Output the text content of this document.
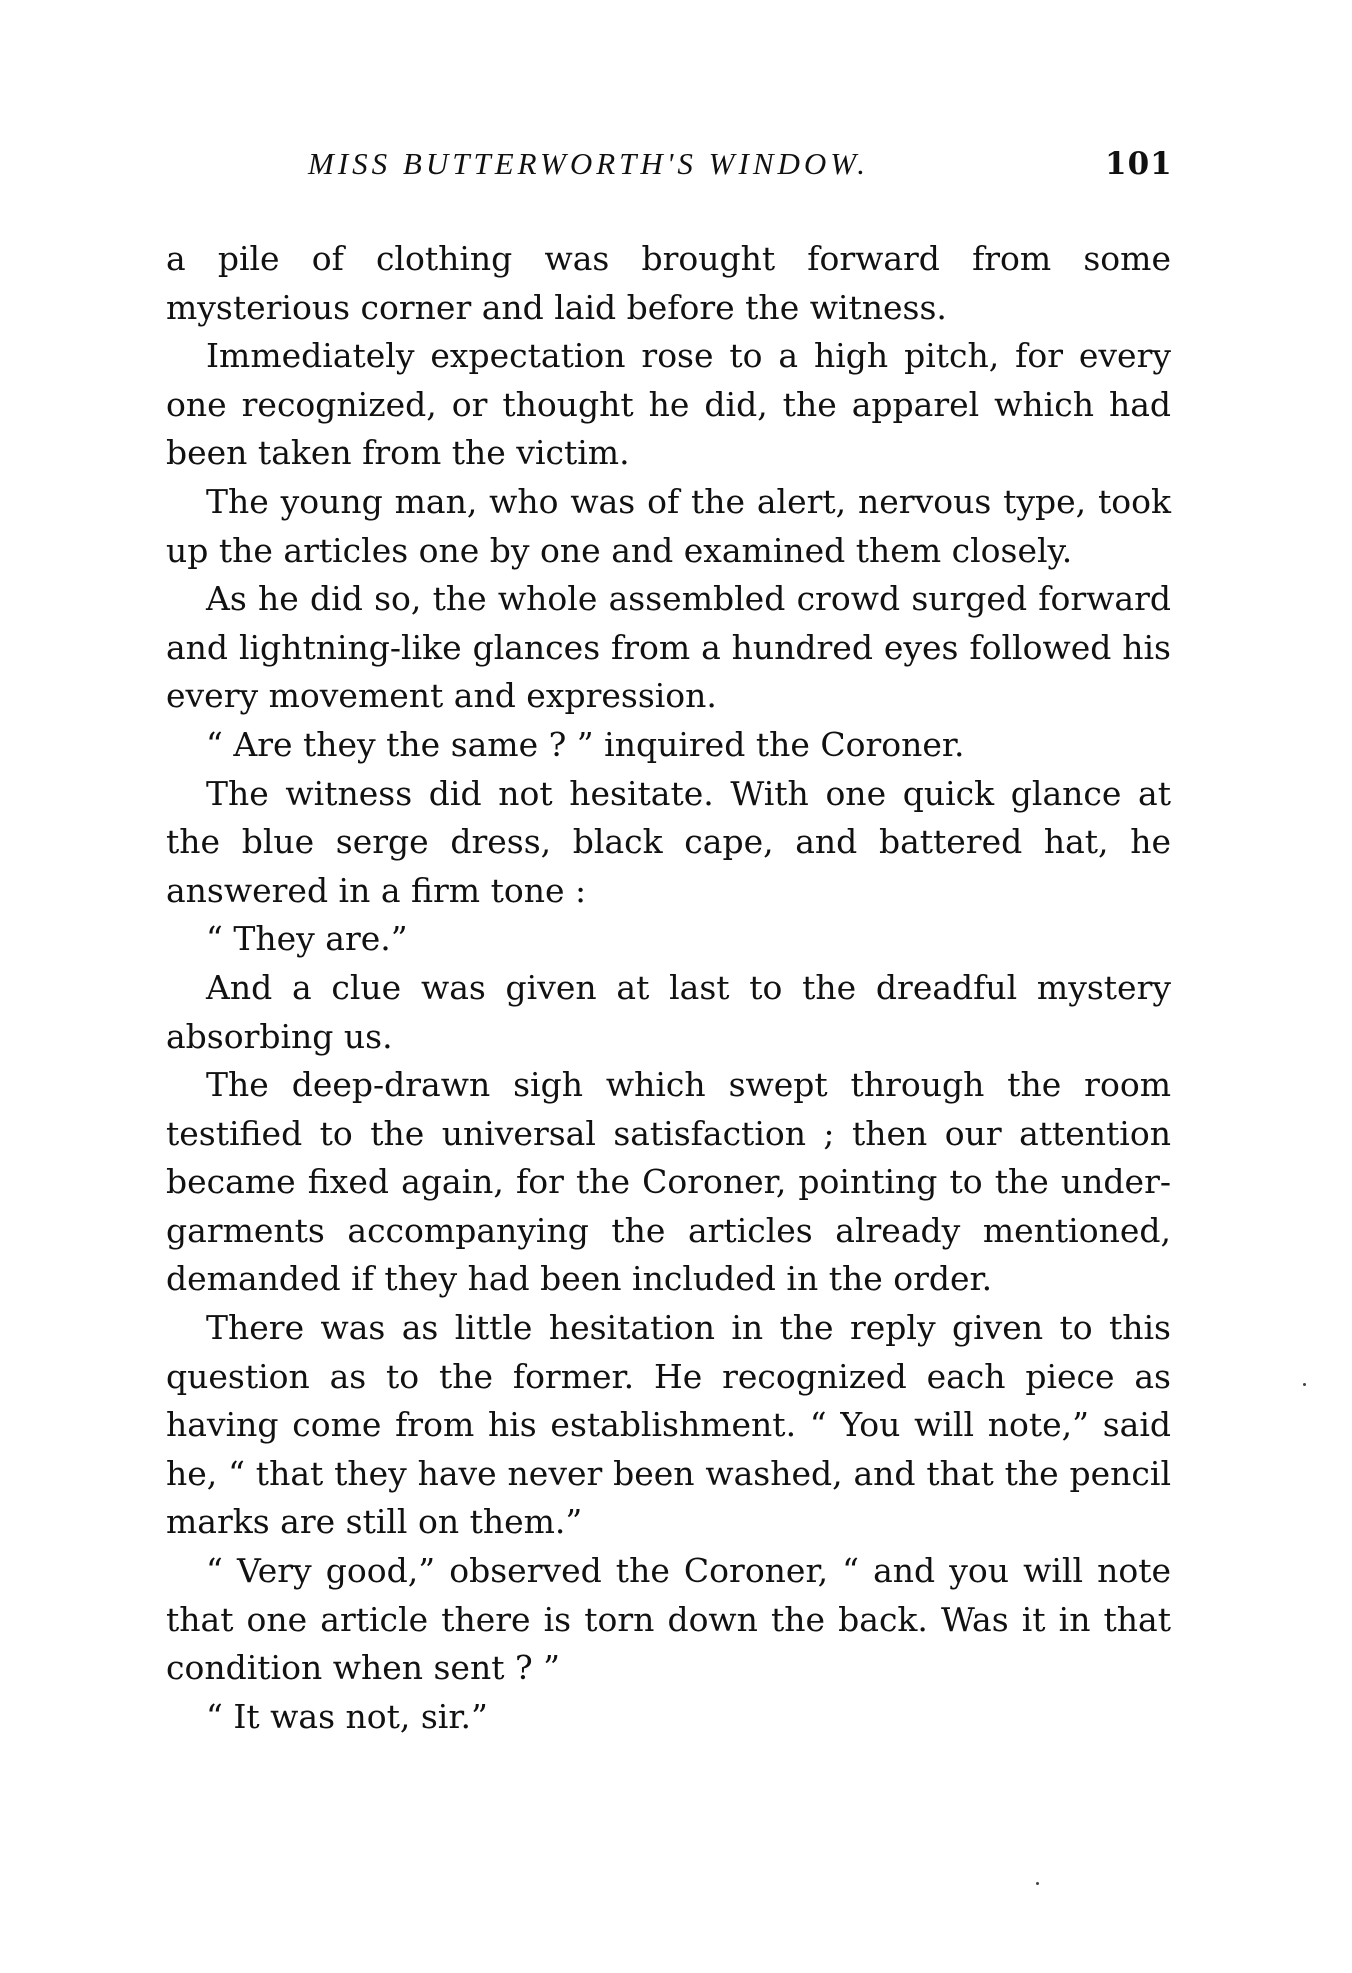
MISS BUTTERWORTH'S WINDOW.	101

a pile of clothing was brought forward from some mysterious corner and laid before the witness.

Immediately expectation rose to a high pitch, for every one recognized, or thought he did, the apparel which had been taken from the victim.

The young man, who was of the alert, nervous type, took up the articles one by one and examined them closely.

As he did so, the whole assembled crowd surged forward and lightning-like glances from a hundred eyes followed his every movement and expression.

“ Are they the same ? ” inquired the Coroner.

The witness did not hesitate. With one quick glance at the blue serge dress, black cape, and battered hat, he answered in a firm tone :

“ They are.”

And a clue was given at last to the dreadful mystery absorbing us.

The deep-drawn sigh which swept through the room testified to the universal satisfaction ; then our attention became fixed again, for the Coroner, pointing to the under-garments accompanying the articles already mentioned, demanded if they had been included in the order.

There was as little hesitation in the reply given to this question as to the former. He recognized each piece as having come from his establishment. “ You will note,” said he, “ that they have never been washed, and that the pencil marks are still on them.”

“ Very good,” observed the Coroner, “ and you will note that one article there is torn down the back. Was it in that condition when sent ? ”

“ It was not, sir.”
